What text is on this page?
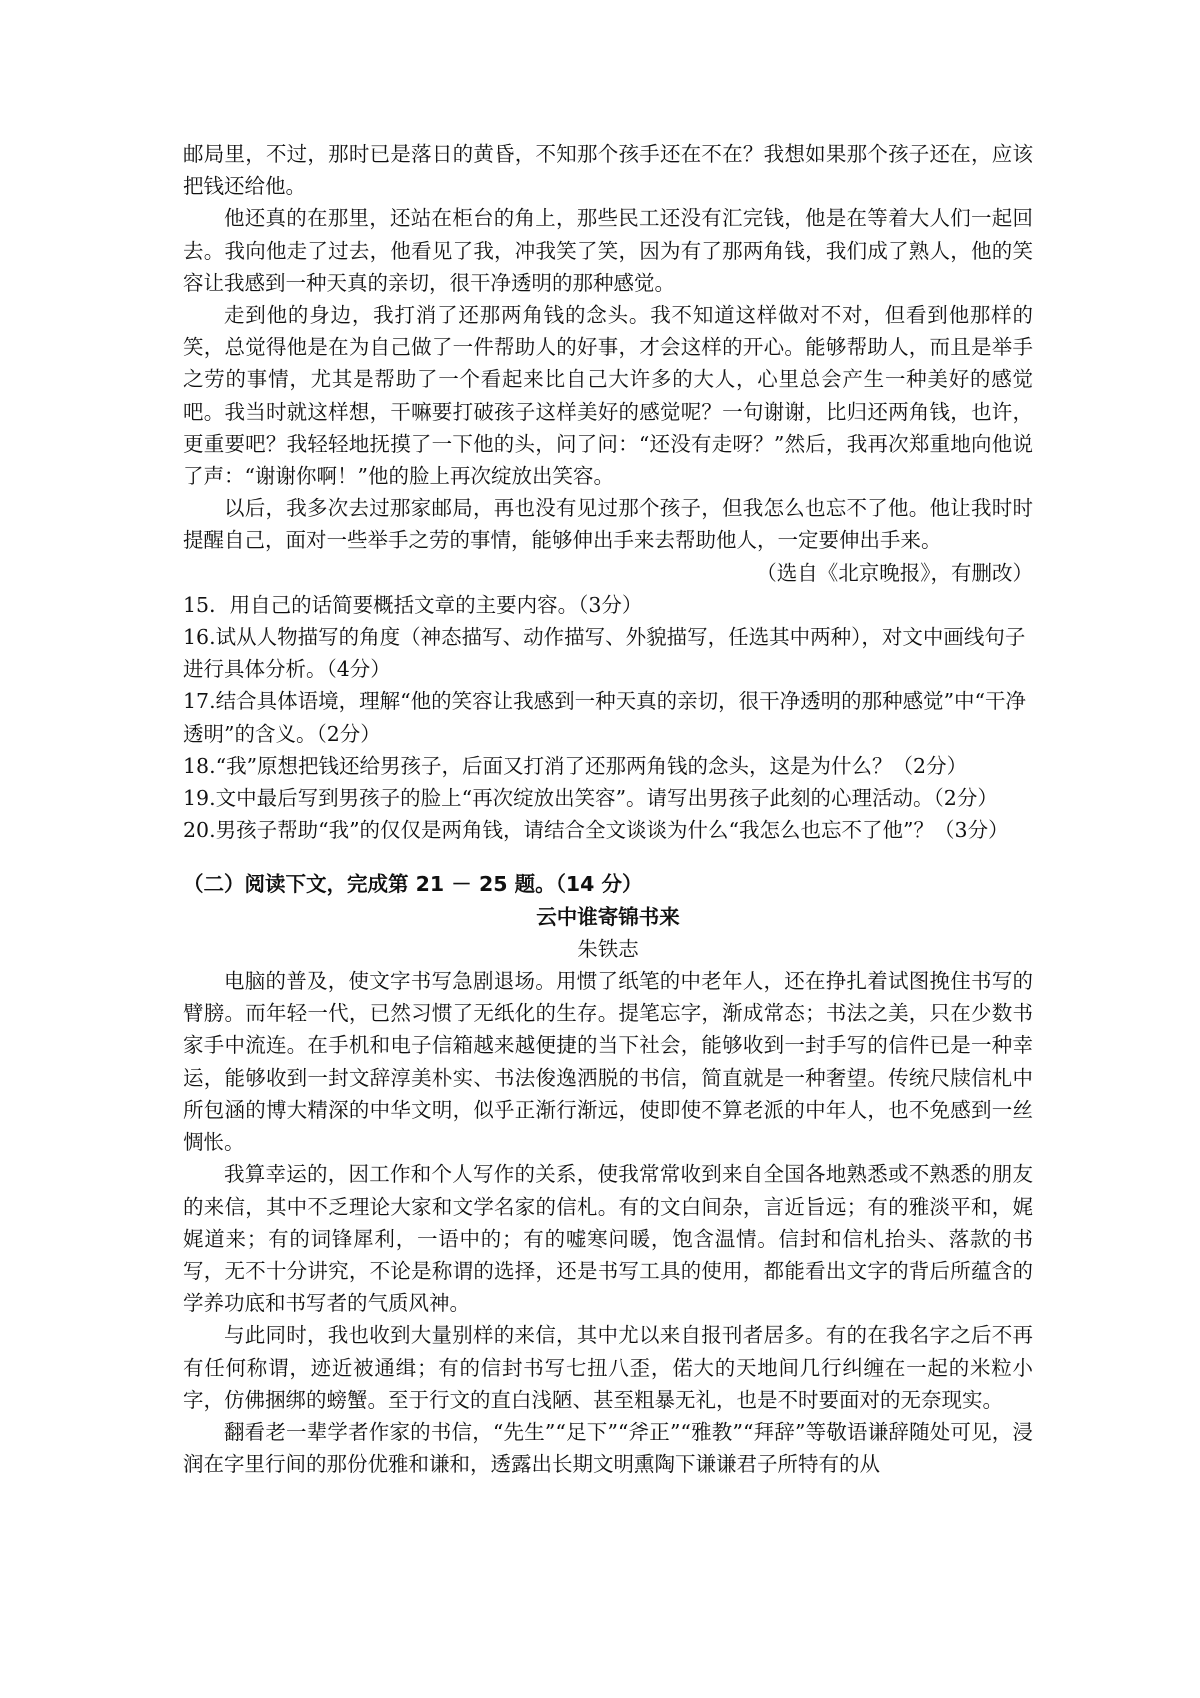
邮局里，不过，那时已是落日的黄昏，不知那个孩手还在不在？我想如果那个孩子还在，应该把钱还给他。

他还真的在那里，还站在柜台的角上，那些民工还没有汇完钱，他是在等着大人们一起回去。我向他走了过去，他看见了我，冲我笑了笑，因为有了那两角钱，我们成了熟人，他的笑容让我感到一种天真的亲切，很干净透明的那种感觉。

走到他的身边，我打消了还那两角钱的念头。我不知道这样做对不对，但看到他那样的笑，总觉得他是在为自己做了一件帮助人的好事，才会这样的开心。能够帮助人，而且是举手之劳的事情，尤其是帮助了一个看起来比自己大许多的大人，心里总会产生一种美好的感觉吧。我当时就这样想，干嘛要打破孩子这样美好的感觉呢？一句谢谢，比归还两角钱，也许，更重要吧？我轻轻地抚摸了一下他的头，问了问：“还没有走呀？”然后，我再次郑重地向他说了声：“谢谢你啊！”他的脸上再次绽放出笑容。

以后，我多次去过那家邮局，再也没有见过那个孩子，但我怎么也忘不了他。他让我时时提醒自己，面对一些举手之劳的事情，能够伸出手来去帮助他人，一定要伸出手来。

（选自《北京晚报》，有删改）

15．用自己的话简要概括文章的主要内容。（3分）

16.试从人物描写的角度（神态描写、动作描写、外貌描写，任选其中两种），对文中画线句子进行具体分析。（4分）

17.结合具体语境，理解“他的笑容让我感到一种天真的亲切，很干净透明的那种感觉”中“干净透明”的含义。（2分）

18.“我”原想把钱还给男孩子，后面又打消了还那两角钱的念头，这是为什么？（2分）

19.文中最后写到男孩子的脸上“再次绽放出笑容”。请写出男孩子此刻的心理活动。（2分）

20.男孩子帮助“我”的仅仅是两角钱，请结合全文谈谈为什么“我怎么也忘不了他”？（3分）

（二）阅读下文，完成第 21 － 25 题。（14 分）

云中谁寄锦书来

朱铁志

电脑的普及，使文字书写急剧退场。用惯了纸笔的中老年人，还在挣扎着试图挽住书写的臂膀。而年轻一代，已然习惯了无纸化的生存。提笔忘字，渐成常态；书法之美，只在少数书家手中流连。在手机和电子信箱越来越便捷的当下社会，能够收到一封手写的信件已是一种幸运，能够收到一封文辞淳美朴实、书法俊逸洒脱的书信，简直就是一种奢望。传统尺牍信札中所包涵的博大精深的中华文明，似乎正渐行渐远，使即使不算老派的中年人，也不免感到一丝惆怅。

我算幸运的，因工作和个人写作的关系，使我常常收到来自全国各地熟悉或不熟悉的朋友的来信，其中不乏理论大家和文学名家的信札。有的文白间杂，言近旨远；有的雅淡平和，娓娓道来；有的词锋犀利，一语中的；有的嘘寒问暖，饱含温情。信封和信札抬头、落款的书写，无不十分讲究，不论是称谓的选择，还是书写工具的使用，都能看出文字的背后所蕴含的学养功底和书写者的气质风神。

与此同时，我也收到大量别样的来信，其中尤以来自报刊者居多。有的在我名字之后不再有任何称谓，迹近被通缉；有的信封书写七扭八歪，偌大的天地间几行纠缠在一起的米粒小字，仿佛捆绑的螃蟹。至于行文的直白浅陋、甚至粗暴无礼，也是不时要面对的无奈现实。

翻看老一辈学者作家的书信，“先生”“足下”“斧正”“雅教”“拜辞”等敬语谦辞随处可见，浸润在字里行间的那份优雅和谦和，透露出长期文明熏陶下谦谦君子所特有的从
